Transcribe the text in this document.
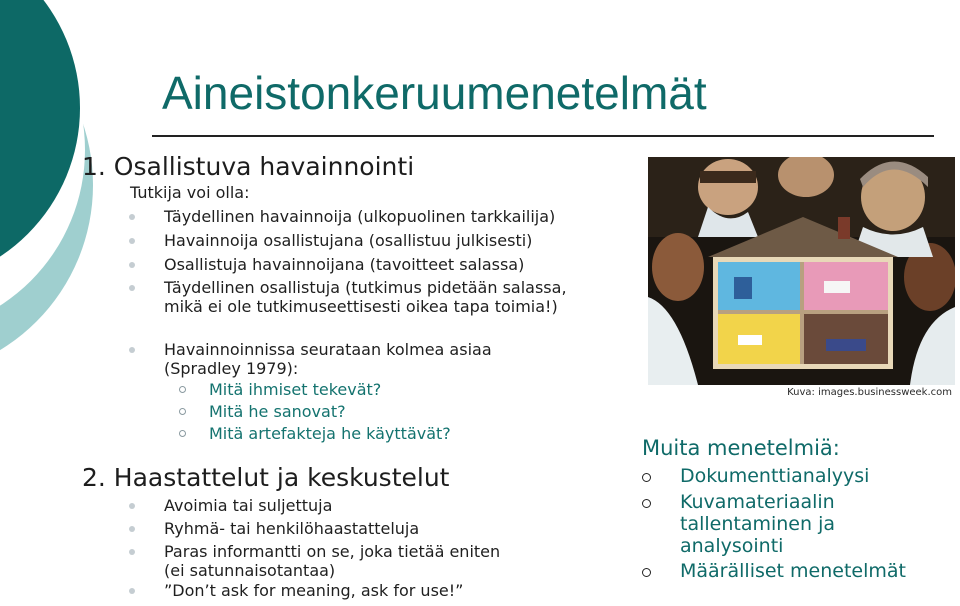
Aineistonkeruumenetelmät
1. Osallistuva havainnointi
Tutkija voi olla:
Täydellinen havainnoija (ulkopuolinen tarkkailija)
Havainnoija osallistujana (osallistuu julkisesti)
Osallistuja havainnoijana (tavoitteet salassa)
Täydellinen osallistuja (tutkimus pidetään salassa,
mikä ei ole tutkimuseettisesti oikea tapa toimia!)
Havainnoinnissa seurataan kolmea asiaa
(Spradley 1979):
Mitä ihmiset tekevät?
Mitä he sanovat?
Mitä artefakteja he käyttävät?
2. Haastattelut ja keskustelut
Avoimia tai suljettuja
Ryhmä- tai henkilöhaastatteluja
Paras informantti on se, joka tietää eniten
(ei satunnaisotantaa)
”Don’t ask for meaning, ask for use!”
Kuva: images.businessweek.com
Muita menetelmiä:
Dokumenttianalyysi
Kuvamateriaalin
tallentaminen ja
analysointi
Määrälliset menetelmät
